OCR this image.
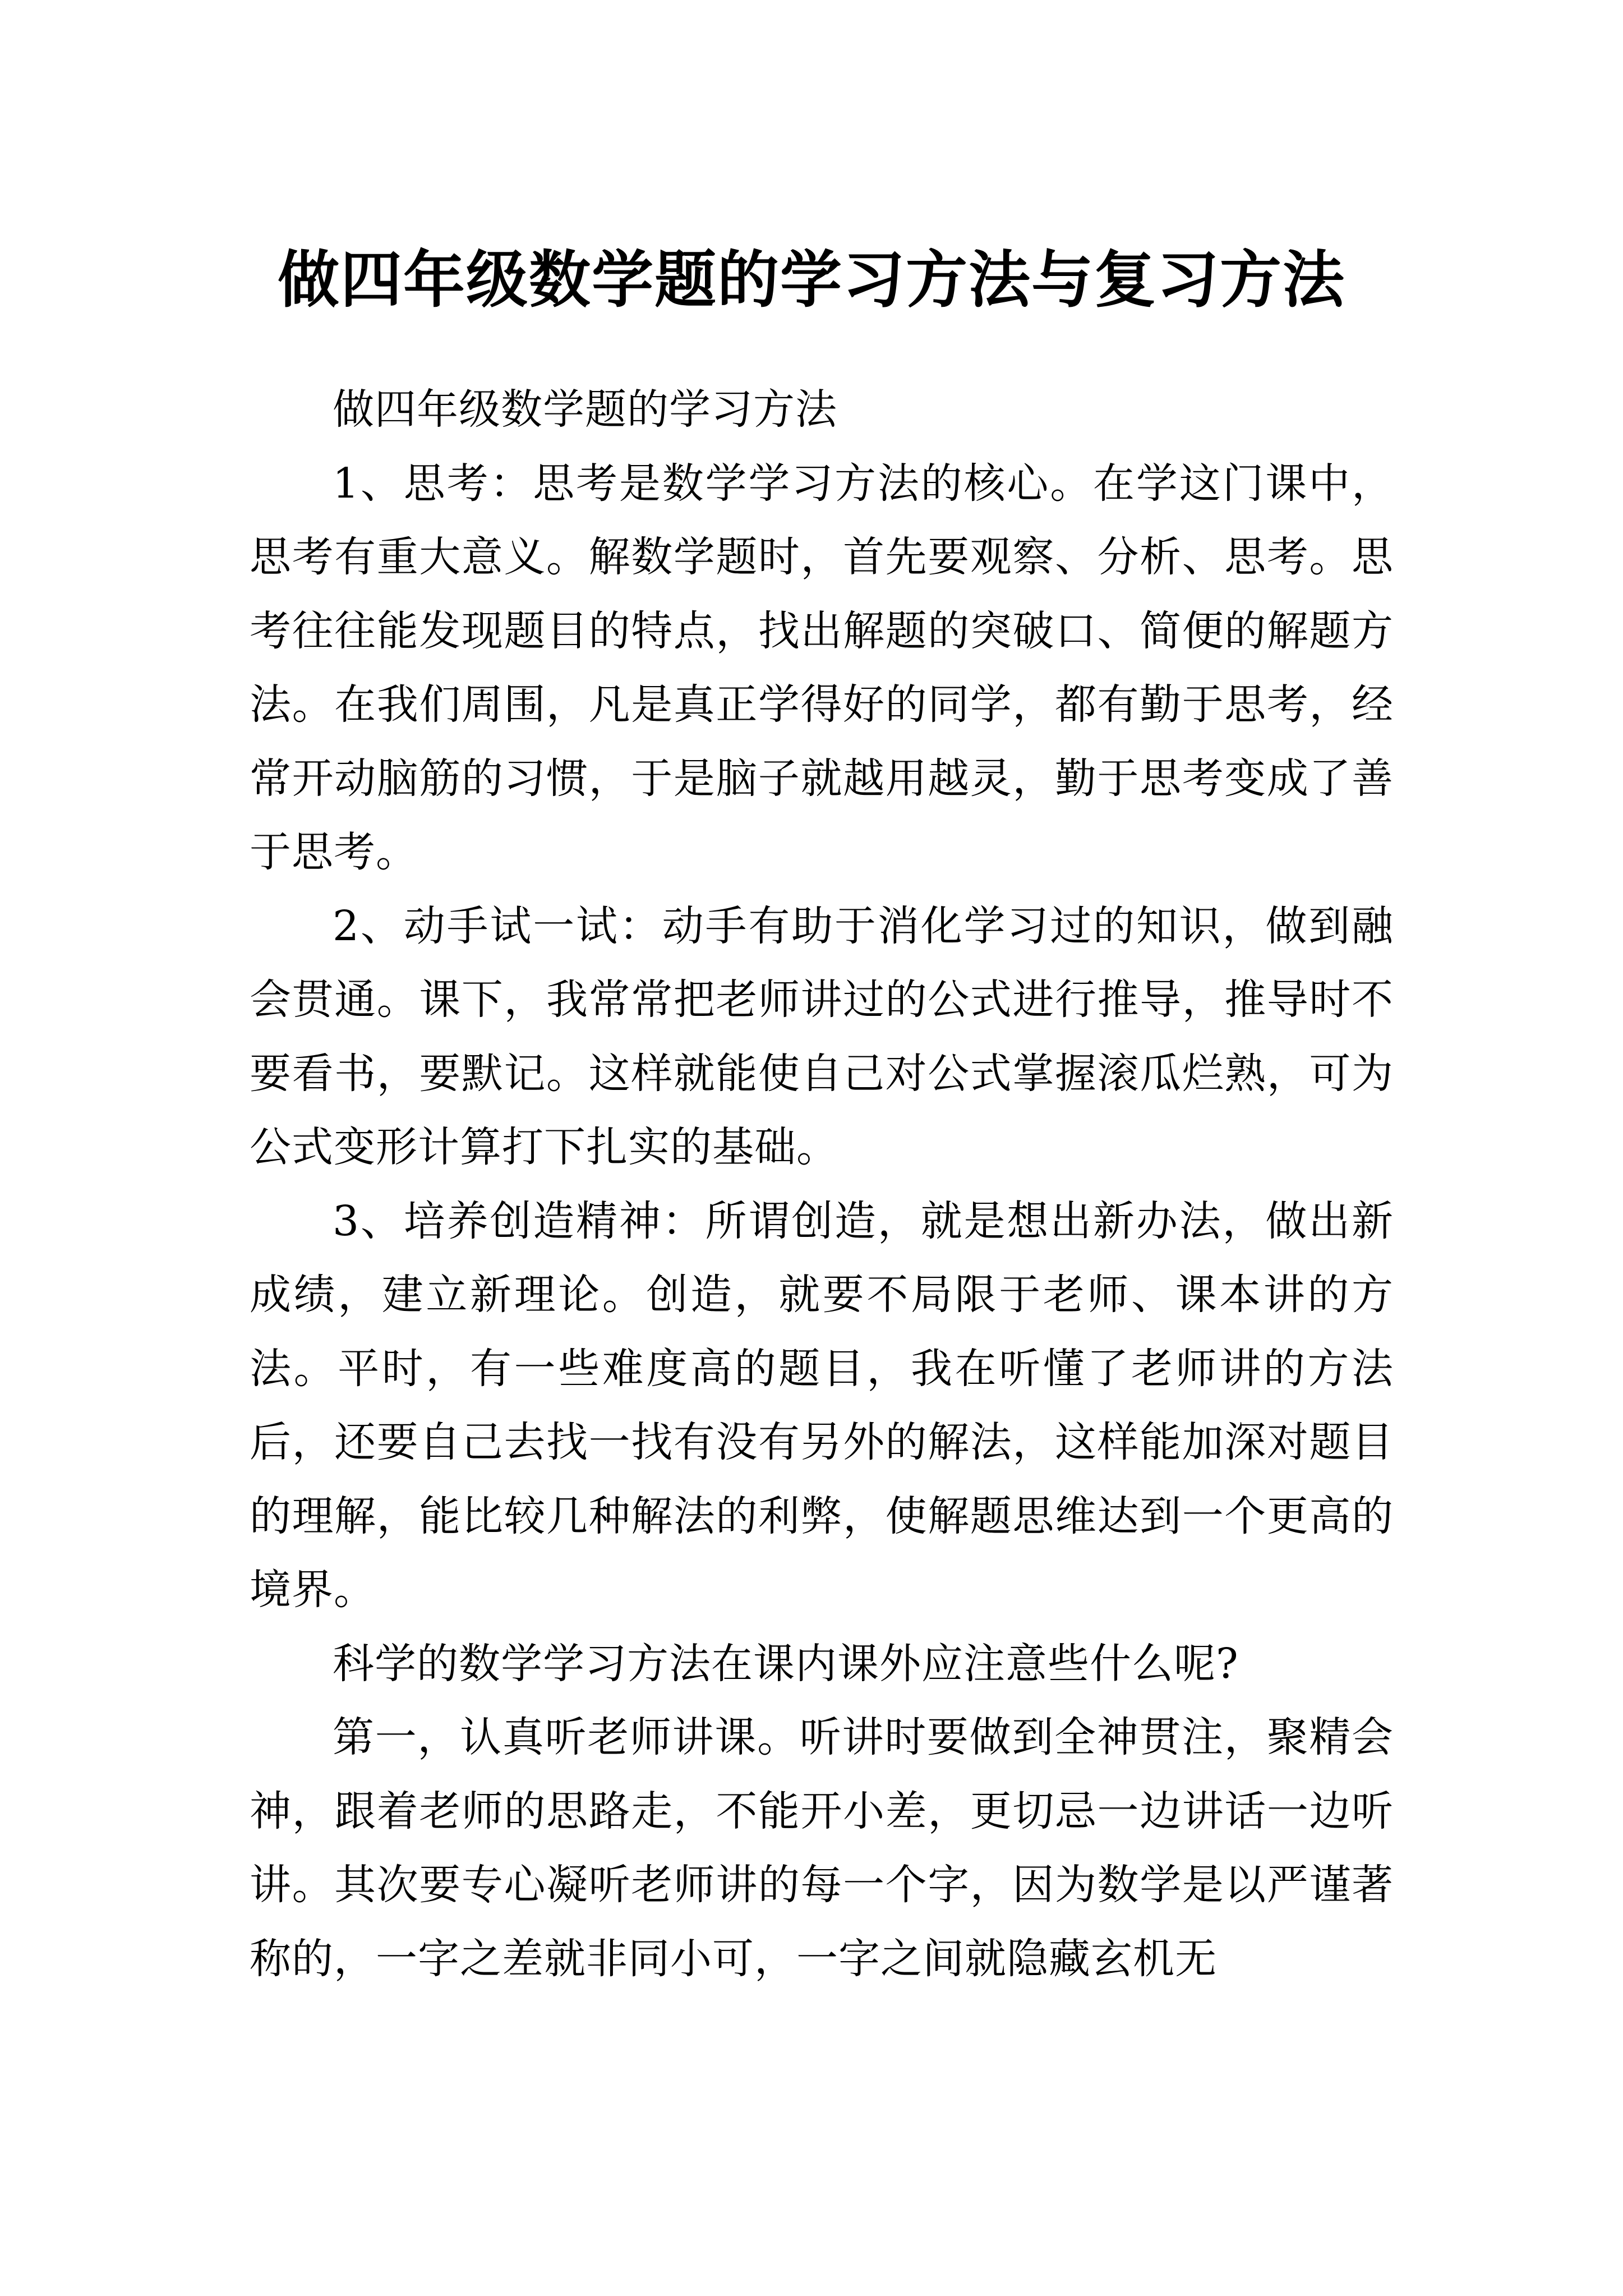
做四年级数学题的学习方法与复习方法

做四年级数学题的学习方法

1、思考：思考是数学学习方法的核心。在学这门课中，思考有重大意义。解数学题时，首先要观察、分析、思考。思考往往能发现题目的特点，找出解题的突破口、简便的解题方法。在我们周围，凡是真正学得好的同学，都有勤于思考，经常开动脑筋的习惯，于是脑子就越用越灵，勤于思考变成了善于思考。

2、动手试一试：动手有助于消化学习过的知识，做到融会贯通。课下，我常常把老师讲过的公式进行推导，推导时不要看书，要默记。这样就能使自己对公式掌握滚瓜烂熟，可为公式变形计算打下扎实的基础。

3、培养创造精神：所谓创造，就是想出新办法，做出新成绩，建立新理论。创造，就要不局限于老师、课本讲的方法。平时，有一些难度高的题目，我在听懂了老师讲的方法后，还要自己去找一找有没有另外的解法，这样能加深对题目的理解，能比较几种解法的利弊，使解题思维达到一个更高的境界。

科学的数学学习方法在课内课外应注意些什么呢?

第一，认真听老师讲课。听讲时要做到全神贯注，聚精会神，跟着老师的思路走，不能开小差，更切忌一边讲话一边听讲。其次要专心凝听老师讲的每一个字，因为数学是以严谨著称的，一字之差就非同小可，一字之间就隐藏玄机无
